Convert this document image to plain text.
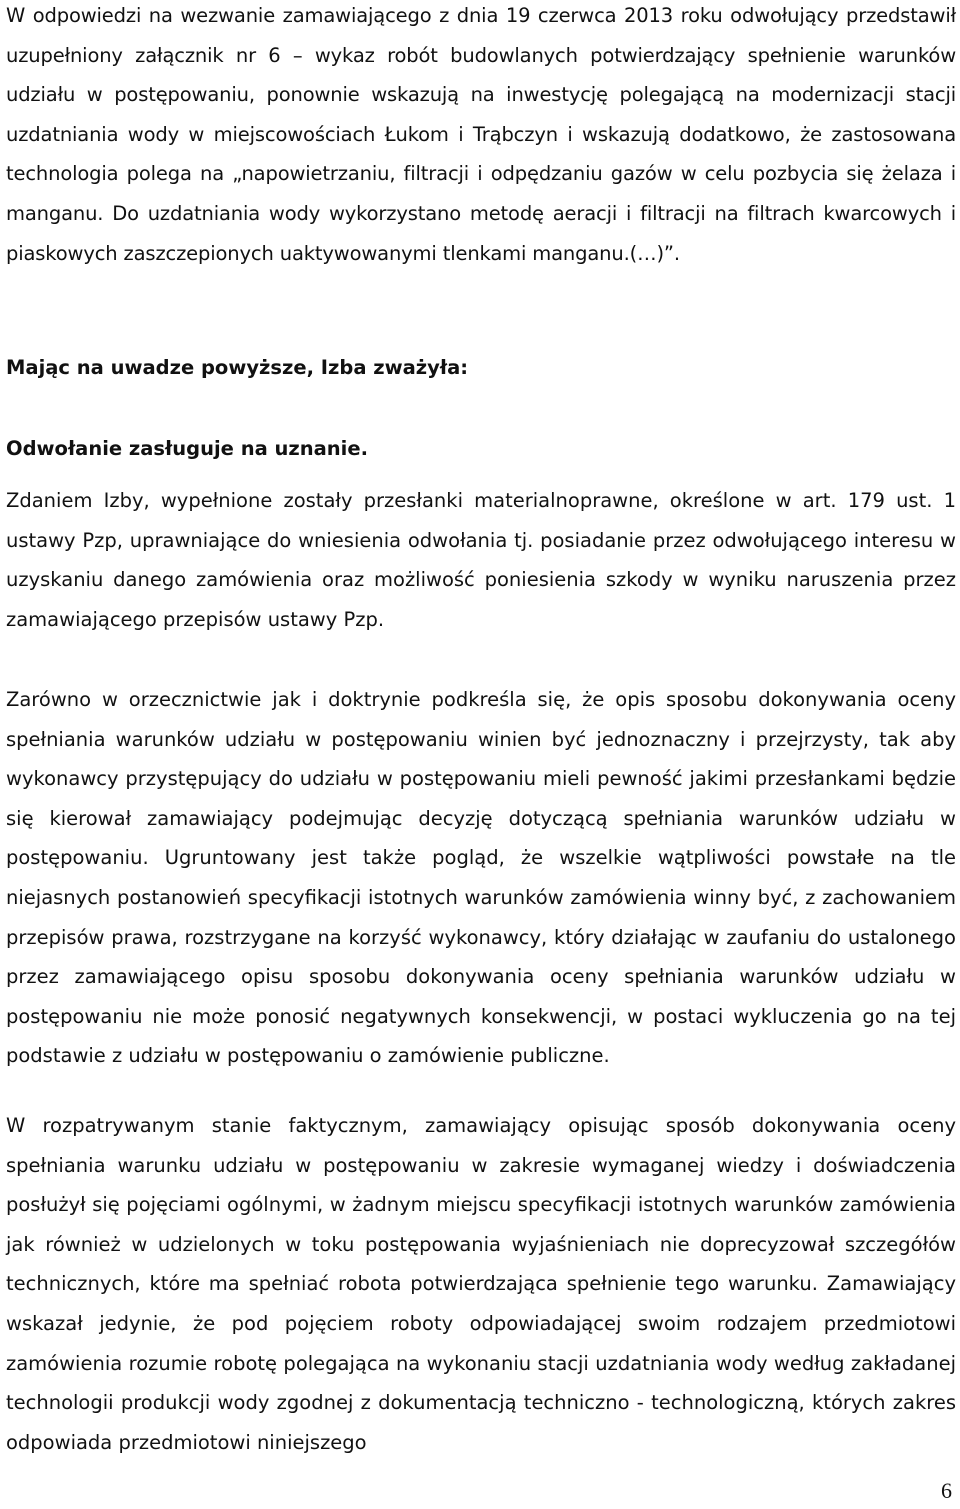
W odpowiedzi na wezwanie zamawiającego z dnia 19 czerwca 2013 roku odwołujący przedstawił uzupełniony załącznik nr 6 – wykaz robót budowlanych potwierdzający spełnienie warunków udziału w postępowaniu, ponownie wskazują na inwestycję polegającą na modernizacji stacji uzdatniania wody w miejscowościach Łukom i Trąbczyn i wskazują dodatkowo, że zastosowana technologia polega na „napowietrzaniu, filtracji i odpędzaniu gazów w celu pozbycia się żelaza i manganu. Do uzdatniania wody wykorzystano metodę aeracji i filtracji na filtrach kwarcowych i piaskowych zaszczepionych uaktywowanymi tlenkami manganu.(…)”.

Mając na uwadze powyższe, Izba zważyła:
Odwołanie zasługuje na uznanie.

Zdaniem Izby, wypełnione zostały przesłanki materialnoprawne, określone w art. 179 ust. 1 ustawy Pzp, uprawniające do wniesienia odwołania tj. posiadanie przez odwołującego interesu w uzyskaniu danego zamówienia oraz możliwość poniesienia szkody w wyniku naruszenia przez zamawiającego przepisów ustawy Pzp.

Zarówno w orzecznictwie jak i doktrynie podkreśla się, że opis sposobu dokonywania oceny spełniania warunków udziału w postępowaniu winien być jednoznaczny i przejrzysty, tak aby wykonawcy przystępujący do udziału w postępowaniu mieli pewność jakimi przesłankami będzie się kierował zamawiający podejmując decyzję dotyczącą spełniania warunków udziału w postępowaniu. Ugruntowany jest także pogląd, że wszelkie wątpliwości powstałe na tle niejasnych postanowień specyfikacji istotnych warunków zamówienia winny być, z zachowaniem przepisów prawa, rozstrzygane na korzyść wykonawcy, który działając w zaufaniu do ustalonego przez zamawiającego opisu sposobu dokonywania oceny spełniania warunków udziału w postępowaniu nie może ponosić negatywnych konsekwencji, w postaci wykluczenia go na tej podstawie z udziału w postępowaniu o zamówienie publiczne.

W rozpatrywanym stanie faktycznym, zamawiający opisując sposób dokonywania oceny spełniania warunku udziału w postępowaniu w zakresie wymaganej wiedzy i doświadczenia posłużył się pojęciami ogólnymi, w żadnym miejscu specyfikacji istotnych warunków zamówienia jak również w udzielonych w toku postępowania wyjaśnieniach nie doprecyzował szczegółów technicznych, które ma spełniać robota potwierdzająca spełnienie tego warunku. Zamawiający wskazał jedynie, że pod pojęciem roboty odpowiadającej swoim rodzajem przedmiotowi zamówienia rozumie robotę polegająca na wykonaniu stacji uzdatniania wody według zakładanej technologii produkcji wody zgodnej z dokumentacją techniczno - technologiczną, których zakres odpowiada przedmiotowi niniejszego

6
